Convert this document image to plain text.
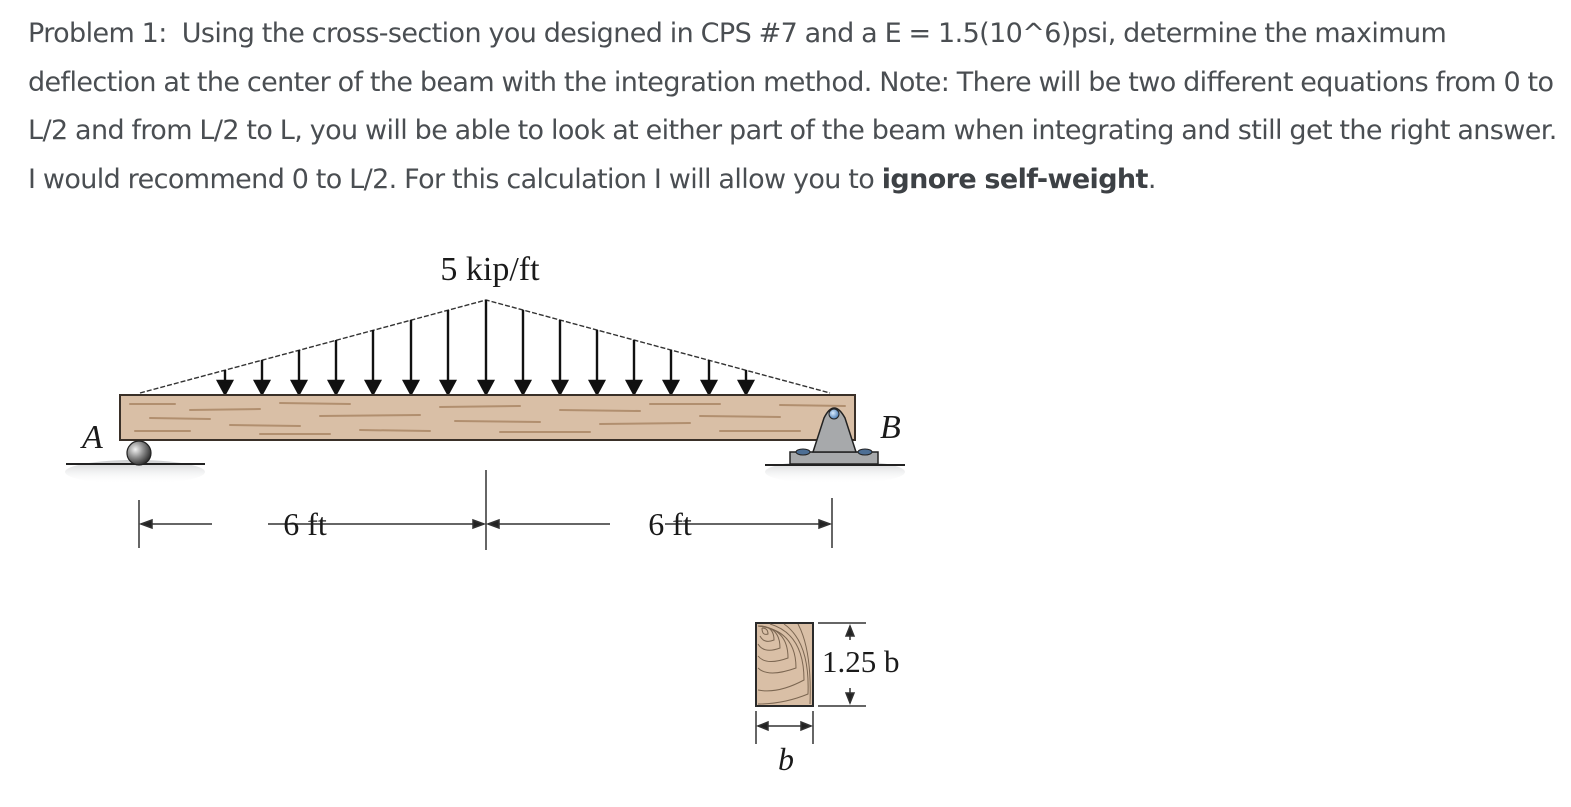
Problem 1: Using the cross-section you designed in CPS #7 and a E = 1.5(10^6)psi, determine the maximum deflection at the center of the beam with the integration method. Note: There will be two different equations from 0 to L/2 and from L/2 to L, you will be able to look at either part of the beam when integrating and still get the right answer. I would recommend 0 to L/2. For this calculation I will allow you to ignore self-weight.
5 kip/ft
A	B
6 ft	6 ft
1.25 b
b
